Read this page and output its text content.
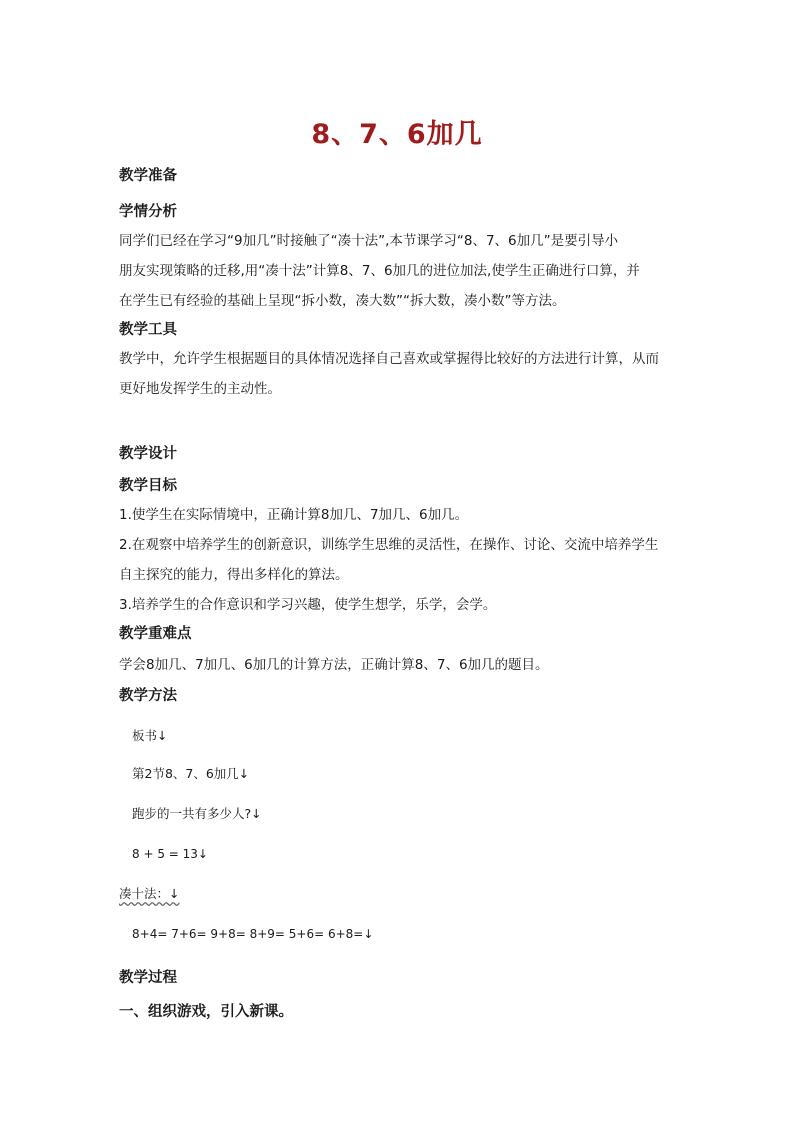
8、7、6加几
教学准备
学情分析
同学们已经在学习“9加几”时接触了“凑十法”,本节课学习“8、7、6加几”是要引导小
朋友实现策略的迁移,用“凑十法”计算8、7、6加几的进位加法,使学生正确进行口算，并
在学生已有经验的基础上呈现“拆小数，凑大数”“拆大数，凑小数”等方法。
教学工具
教学中，允许学生根据题目的具体情况选择自己喜欢或掌握得比较好的方法进行计算，从而
更好地发挥学生的主动性。
教学设计
教学目标
1.使学生在实际情境中，正确计算8加几、7加几、6加几。
2.在观察中培养学生的创新意识，训练学生思维的灵活性，在操作、讨论、交流中培养学生
自主探究的能力，得出多样化的算法。
3.培养学生的合作意识和学习兴趣，使学生想学，乐学，会学。
教学重难点
学会8加几、7加几、6加几的计算方法，正确计算8、7、6加几的题目。
教学方法
板书↓
第2节8、7、6加几↓
跑步的一共有多少人?↓
8 + 5 = 13↓
凑十法：↓
8+4= 7+6= 9+8= 8+9= 5+6= 6+8=↓
教学过程
一、组织游戏，引入新课。
